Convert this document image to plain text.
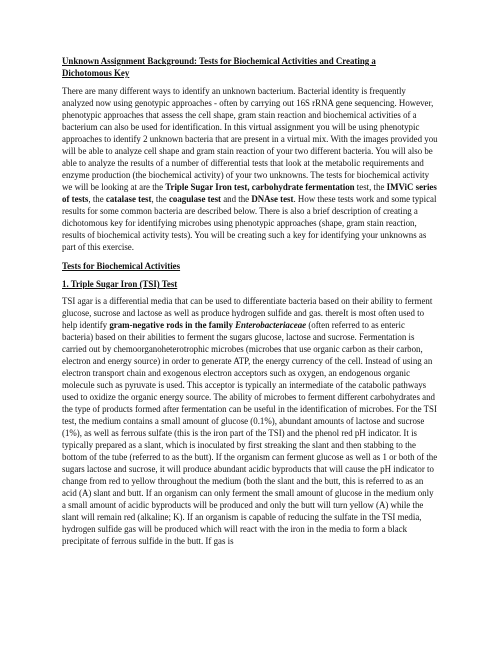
Unknown Assignment Background: Tests for Biochemical Activities and Creating a Dichotomous Key

There are many different ways to identify an unknown bacterium. Bacterial identity is frequently analyzed now using genotypic approaches - often by carrying out 16S rRNA gene sequencing. However, phenotypic approaches that assess the cell shape, gram stain reaction and biochemical activities of a bacterium can also be used for identification. In this virtual assignment you will be using phenotypic approaches to identify 2 unknown bacteria that are present in a virtual mix. With the images provided you will be able to analyze cell shape and gram stain reaction of your two different bacteria. You will also be able to analyze the results of a number of differential tests that look at the metabolic requirements and enzyme production (the biochemical activity) of your two unknowns. The tests for biochemical activity we will be looking at are the Triple Sugar Iron test, carbohydrate fermentation test, the IMViC series of tests, the catalase test, the coagulase test and the DNAse test. How these tests work and some typical results for some common bacteria are described below. There is also a brief description of creating a dichotomous key for identifying microbes using phenotypic approaches (shape, gram stain reaction, results of biochemical activity tests). You will be creating such a key for identifying your unknowns as part of this exercise.

Tests for Biochemical Activities
1. Triple Sugar Iron (TSI) Test

TSI agar is a differential media that can be used to differentiate bacteria based on their ability to ferment glucose, sucrose and lactose as well as produce hydrogen sulfide and gas. thereIt is most often used to help identify gram-negative rods in the family Enterobacteriaceae (often referred to as enteric bacteria) based on their abilities to ferment the sugars glucose, lactose and sucrose. Fermentation is carried out by chemoorganoheterotrophic microbes (microbes that use organic carbon as their carbon, electron and energy source) in order to generate ATP, the energy currency of the cell. Instead of using an electron transport chain and exogenous electron acceptors such as oxygen, an endogenous organic molecule such as pyruvate is used. This acceptor is typically an intermediate of the catabolic pathways used to oxidize the organic energy source. The ability of microbes to ferment different carbohydrates and the type of products formed after fermentation can be useful in the identification of microbes. For the TSI test, the medium contains a small amount of glucose (0.1%), abundant amounts of lactose and sucrose (1%), as well as ferrous sulfate (this is the iron part of the TSI) and the phenol red pH indicator. It is typically prepared as a slant, which is inoculated by first streaking the slant and then stabbing to the bottom of the tube (referred to as the butt). If the organism can ferment glucose as well as 1 or both of the sugars lactose and sucrose, it will produce abundant acidic byproducts that will cause the pH indicator to change from red to yellow throughout the medium (both the slant and the butt, this is referred to as an acid (A) slant and butt. If an organism can only ferment the small amount of glucose in the medium only a small amount of acidic byproducts will be produced and only the butt will turn yellow (A) while the slant will remain red (alkaline; K). If an organism is capable of reducing the sulfate in the TSI media, hydrogen sulfide gas will be produced which will react with the iron in the media to form a black precipitate of ferrous sulfide in the butt. If gas is
